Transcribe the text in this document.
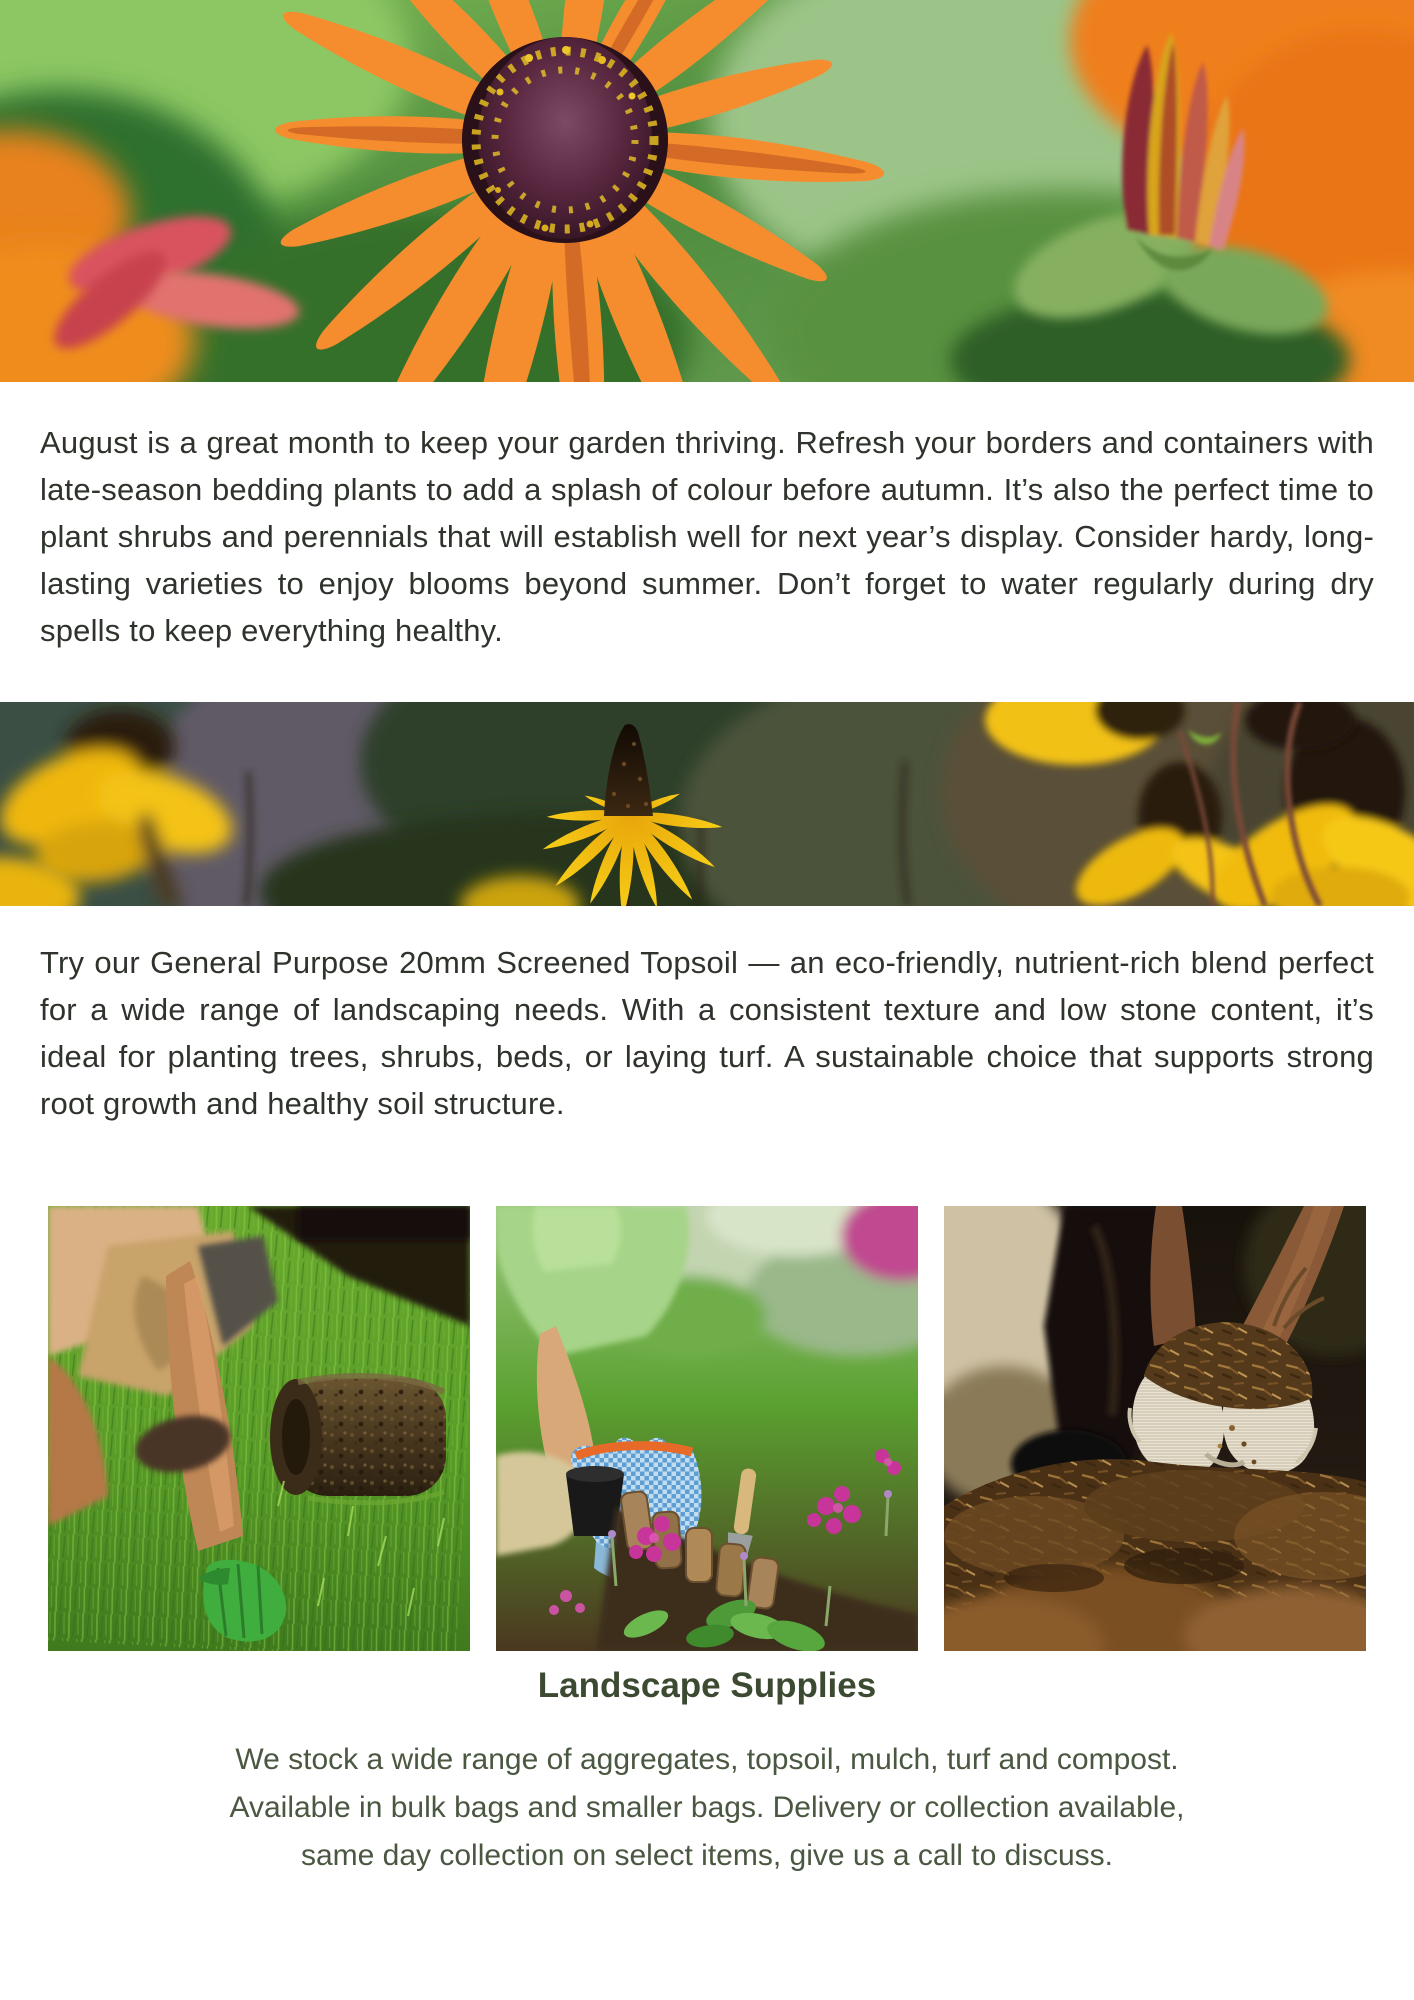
August is a great month to keep your garden thriving. Refresh your borders and containers with late-season bedding plants to add a splash of colour before autumn. It’s also the perfect time to plant shrubs and perennials that will establish well for next year’s display. Consider hardy, long-lasting varieties to enjoy blooms beyond summer. Don’t forget to water regularly during dry spells to keep everything healthy.

Try our General Purpose 20mm Screened Topsoil — an eco-friendly, nutrient-rich blend perfect for a wide range of landscaping needs. With a consistent texture and low stone content, it’s ideal for planting trees, shrubs, beds, or laying turf. A sustainable choice that supports strong root growth and healthy soil structure.

Landscape Supplies
We stock a wide range of aggregates, topsoil, mulch, turf and compost.
Available in bulk bags and smaller bags. Delivery or collection available,
same day collection on select items, give us a call to discuss.
